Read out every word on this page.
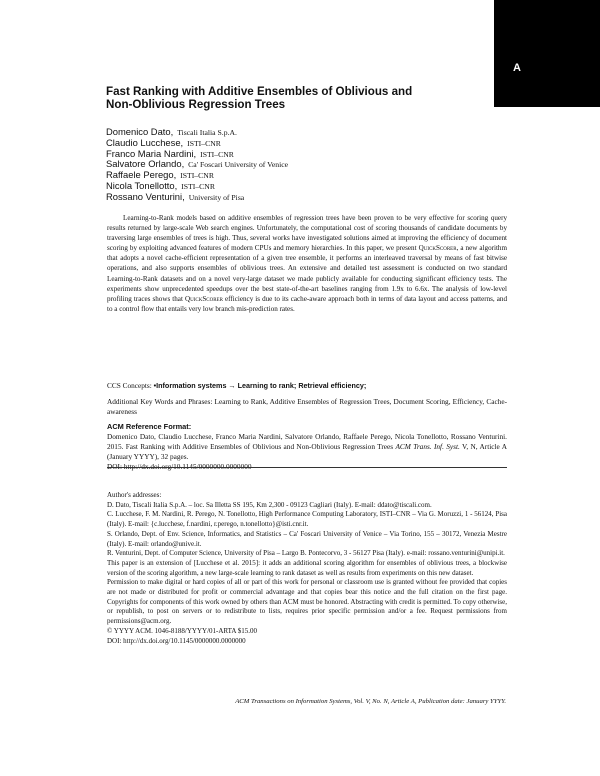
A
Fast Ranking with Additive Ensembles of Oblivious and Non-Oblivious Regression Trees
Domenico Dato, Tiscali Italia S.p.A.
Claudio Lucchese, ISTI–CNR
Franco Maria Nardini, ISTI–CNR
Salvatore Orlando, Ca' Foscari University of Venice
Raffaele Perego, ISTI–CNR
Nicola Tonellotto, ISTI–CNR
Rossano Venturini, University of Pisa

Learning-to-Rank models based on additive ensembles of regression trees have been proven to be very effective for scoring query results returned by large-scale Web search engines. Unfortunately, the computational cost of scoring thousands of candidate documents by traversing large ensembles of trees is high. Thus, several works have investigated solutions aimed at improving the efficiency of document scoring by exploiting advanced features of modern CPUs and memory hierarchies. In this paper, we present QuickScorer, a new algorithm that adopts a novel cache-efficient representation of a given tree ensemble, it performs an interleaved traversal by means of fast bitwise operations, and also supports ensembles of oblivious trees. An extensive and detailed test assessment is conducted on two standard Learning-to-Rank datasets and on a novel very-large dataset we made publicly available for conducting significant efficiency tests. The experiments show unprecedented speedups over the best state-of-the-art baselines ranging from 1.9x to 6.6x. The analysis of low-level profiling traces shows that QuickScorer efficiency is due to its cache-aware approach both in terms of data layout and access patterns, and to a control flow that entails very low branch mis-prediction rates.

CCS Concepts: •Information systems → Learning to rank; Retrieval efficiency;

Additional Key Words and Phrases: Learning to Rank, Additive Ensembles of Regression Trees, Document Scoring, Efficiency, Cache-awareness

ACM Reference Format:

Domenico Dato, Claudio Lucchese, Franco Maria Nardini, Salvatore Orlando, Raffaele Perego, Nicola Tonellotto, Rossano Venturini. 2015. Fast Ranking with Additive Ensembles of Oblivious and Non-Oblivious Regression Trees ACM Trans. Inf. Syst. V, N, Article A (January YYYY), 32 pages.

DOI: http://dx.doi.org/10.1145/0000000.0000000

Author's addresses:

D. Dato, Tiscali Italia S.p.A. – loc. Sa Illetta SS 195, Km 2,300 - 09123 Cagliari (Italy). E-mail: ddato@tiscali.com.

C. Lucchese, F. M. Nardini, R. Perego, N. Tonellotto, High Performance Computing Laboratory, ISTI–CNR – Via G. Moruzzi, 1 - 56124, Pisa (Italy). E-mail: {c.lucchese, f.nardini, r.perego, n.tonellotto}@isti.cnr.it.

S. Orlando, Dept. of Env. Science, Informatics, and Statistics – Ca' Foscari University of Venice – Via Torino, 155 – 30172, Venezia Mestre (Italy). E-mail: orlando@unive.it.

R. Venturini, Dept. of Computer Science, University of Pisa – Largo B. Pontecorvo, 3 - 56127 Pisa (Italy). e-mail: rossano.venturini@unipi.it.

This paper is an extension of [Lucchese et al. 2015]: it adds an additional scoring algorithm for ensembles of oblivious trees, a blockwise version of the scoring algorithm, a new large-scale learning to rank dataset as well as results from experiments on this new dataset.

Permission to make digital or hard copies of all or part of this work for personal or classroom use is granted without fee provided that copies are not made or distributed for profit or commercial advantage and that copies bear this notice and the full citation on the first page. Copyrights for components of this work owned by others than ACM must be honored. Abstracting with credit is permitted. To copy otherwise, or republish, to post on servers or to redistribute to lists, requires prior specific permission and/or a fee. Request permissions from permissions@acm.org.

© YYYY ACM. 1046-8188/YYYY/01-ARTA $15.00

DOI: http://dx.doi.org/10.1145/0000000.0000000

ACM Transactions on Information Systems, Vol. V, No. N, Article A, Publication date: January YYYY.
